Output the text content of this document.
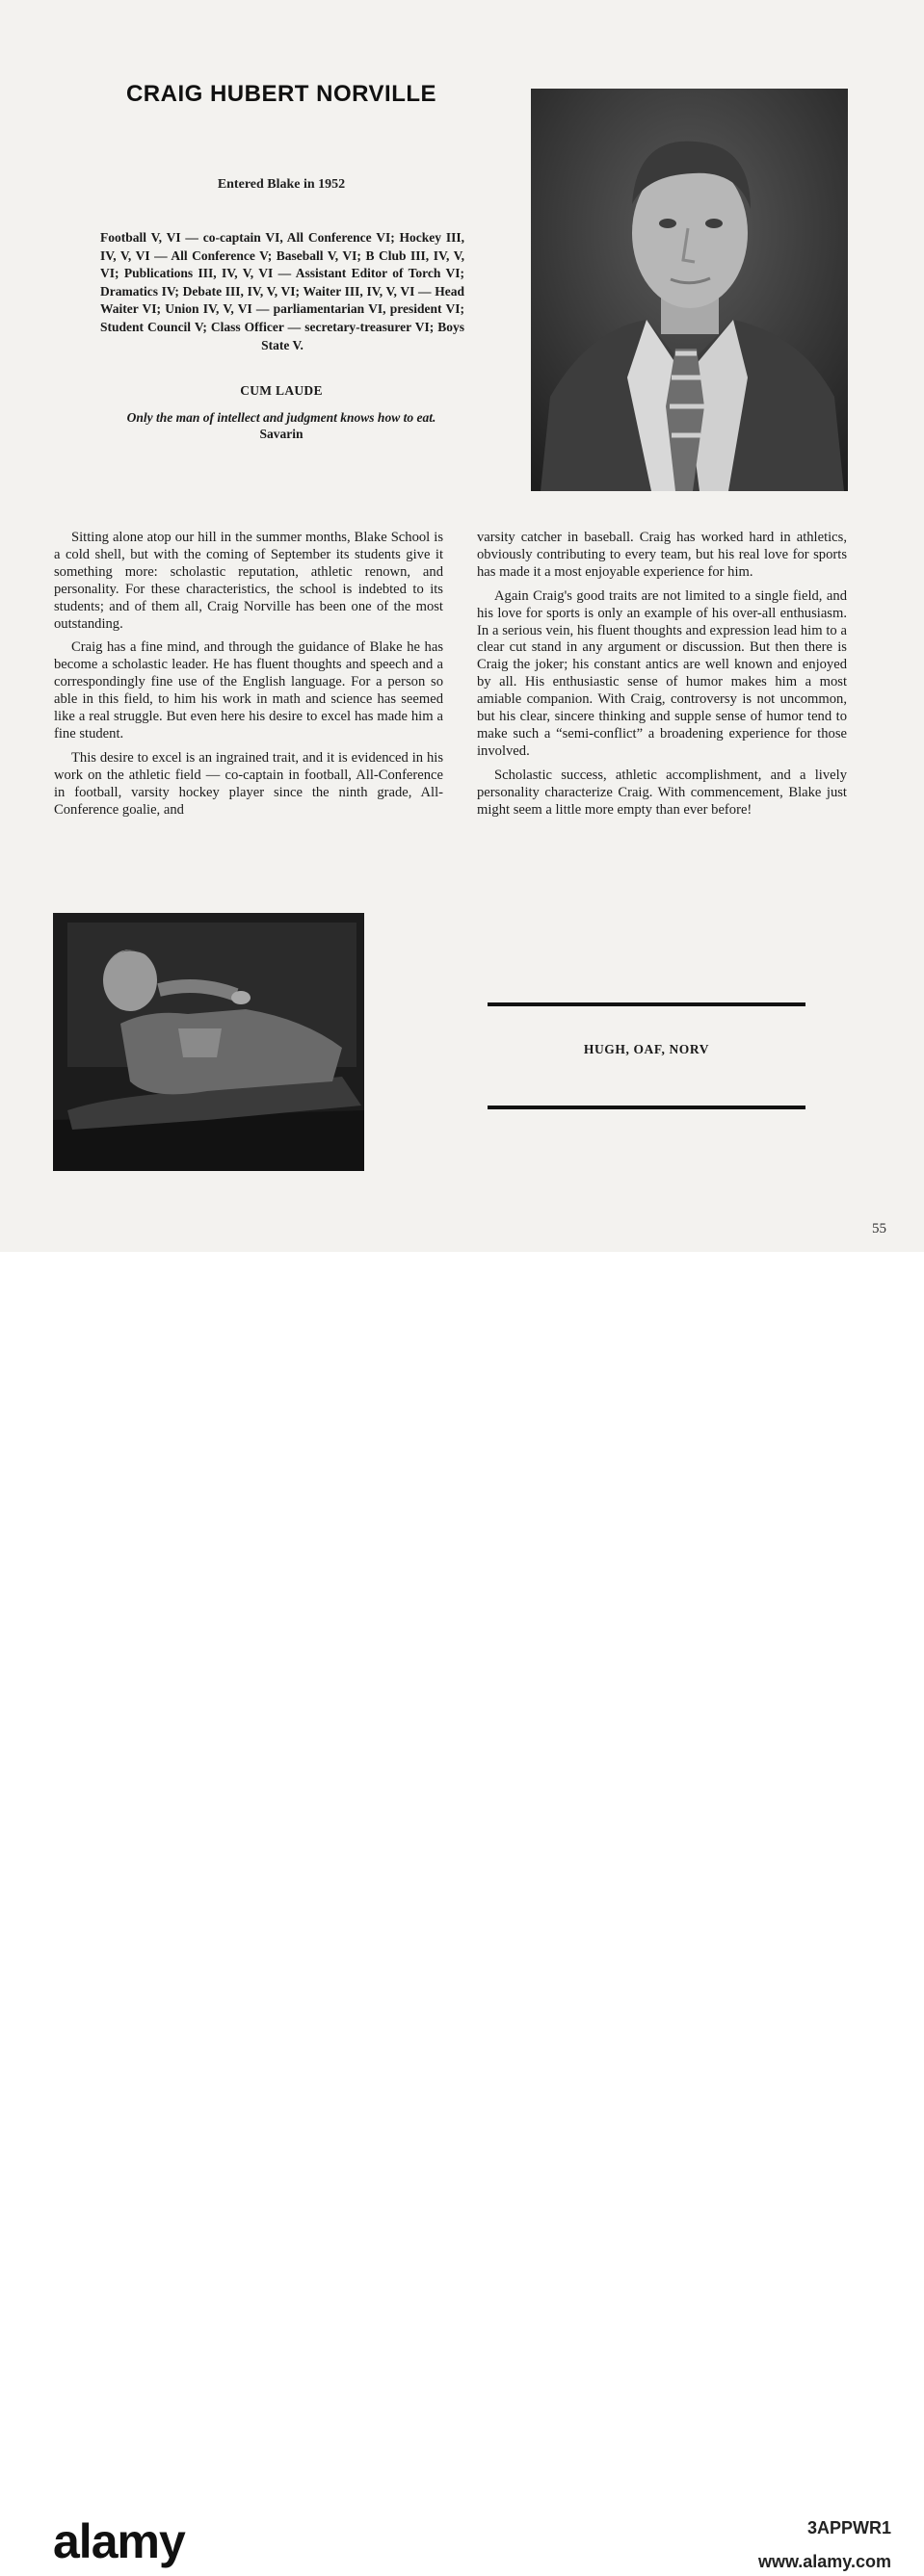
CRAIG HUBERT NORVILLE
Entered Blake in 1952
Football V, VI — co-captain VI, All Conference VI; Hockey III, IV, V, VI — All Conference V; Baseball V, VI; B Club III, IV, V, VI; Publications III, IV, V, VI — Assistant Editor of Torch VI; Dramatics IV; Debate III, IV, V, VI; Waiter III, IV, V, VI — Head Waiter VI; Union IV, V, VI — parliamentarian VI, president VI; Student Council V; Class Officer — secretary-treasurer VI; Boys State V.
CUM LAUDE
Only the man of intellect and judgment knows how to eat.
Savarin

Sitting alone atop our hill in the summer months, Blake School is a cold shell, but with the coming of September its students give it something more: scholastic reputation, athletic renown, and personality. For these characteristics, the school is indebted to its students; and of them all, Craig Norville has been one of the most outstanding.

Craig has a fine mind, and through the guidance of Blake he has become a scholastic leader. He has fluent thoughts and speech and a correspondingly fine use of the English language. For a person so able in this field, to him his work in math and science has seemed like a real struggle. But even here his desire to excel has made him a fine student.

This desire to excel is an ingrained trait, and it is evidenced in his work on the athletic field — co-captain in football, All-Conference in football, varsity hockey player since the ninth grade, All-Conference goalie, and

varsity catcher in baseball. Craig has worked hard in athletics, obviously contributing to every team, but his real love for sports has made it a most enjoyable experience for him.

Again Craig's good traits are not limited to a single field, and his love for sports is only an example of his over-all enthusiasm. In a serious vein, his fluent thoughts and expression lead him to a clear cut stand in any argument or discussion. But then there is Craig the joker; his constant antics are well known and enjoyed by all. His enthusiastic sense of humor makes him a most amiable companion. With Craig, controversy is not uncommon, but his clear, sincere thinking and supple sense of humor tend to make such a “semi-conflict” a broadening experience for those involved.

Scholastic success, athletic accomplishment, and a lively personality characterize Craig. With commencement, Blake just might seem a little more empty than ever before!

HUGH, OAF, NORV
55
alamy	3APPWR1
www.alamy.com
